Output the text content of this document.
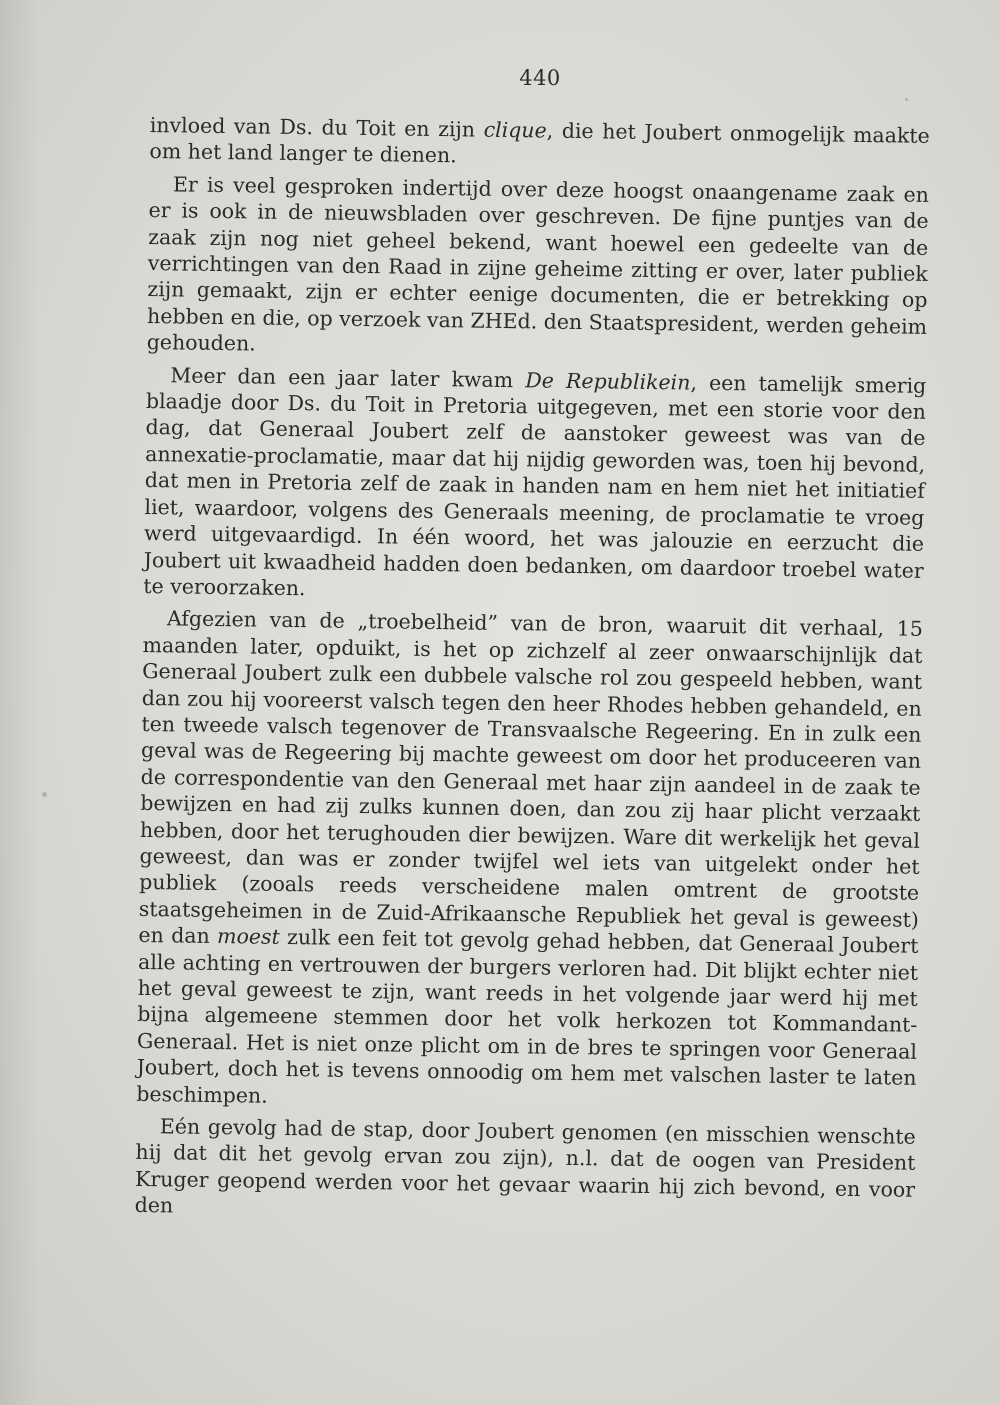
440

invloed van Ds. du Toit en zijn clique, die het Joubert onmogelijk maakte om het land langer te dienen.

Er is veel gesproken indertijd over deze hoogst onaangename zaak en er is ook in de nieuwsbladen over geschreven. De fijne puntjes van de zaak zijn nog niet geheel bekend, want hoewel een gedeelte van de verrichtingen van den Raad in zijne geheime zitting er over, later publiek zijn gemaakt, zijn er echter eenige documenten, die er betrekking op hebben en die, op verzoek van ZHEd. den Staatspresident, werden geheim gehouden.

Meer dan een jaar later kwam De Republikein, een tamelijk smerig blaadje door Ds. du Toit in Pretoria uitgegeven, met een storie voor den dag, dat Generaal Joubert zelf de aanstoker geweest was van de annexatie-proclamatie, maar dat hij nijdig geworden was, toen hij bevond, dat men in Pretoria zelf de zaak in handen nam en hem niet het initiatief liet, waardoor, volgens des Generaals meening, de proclamatie te vroeg werd uitgevaardigd. In één woord, het was jalouzie en eerzucht die Joubert uit kwaadheid hadden doen bedanken, om daardoor troebel water te veroorzaken.

Afgezien van de „troebelheid” van de bron, waaruit dit verhaal, 15 maanden later, opduikt, is het op zichzelf al zeer onwaarschijnlijk dat Generaal Joubert zulk een dubbele valsche rol zou gespeeld hebben, want dan zou hij vooreerst valsch tegen den heer Rhodes hebben gehandeld, en ten tweede valsch tegenover de Transvaalsche Regeering. En in zulk een geval was de Regeering bij machte geweest om door het produceeren van de correspondentie van den Generaal met haar zijn aandeel in de zaak te bewijzen en had zij zulks kunnen doen, dan zou zij haar plicht verzaakt hebben, door het terughouden dier bewijzen. Ware dit werkelijk het geval geweest, dan was er zonder twijfel wel iets van uitgelekt onder het publiek (zooals reeds verscheidene malen omtrent de grootste staatsgeheimen in de Zuid-Afrikaansche Republiek het geval is geweest) en dan moest zulk een feit tot gevolg gehad hebben, dat Generaal Joubert alle achting en vertrouwen der burgers verloren had. Dit blijkt echter niet het geval geweest te zijn, want reeds in het volgende jaar werd hij met bijna algemeene stemmen door het volk herkozen tot Kommandant-Generaal. Het is niet onze plicht om in de bres te springen voor Generaal Joubert, doch het is tevens onnoodig om hem met valschen laster te laten beschimpen.

Eén gevolg had de stap, door Joubert genomen (en misschien wenschte hij dat dit het gevolg ervan zou zijn), n.l. dat de oogen van President Kruger geopend werden voor het gevaar waarin hij zich bevond, en voor den
